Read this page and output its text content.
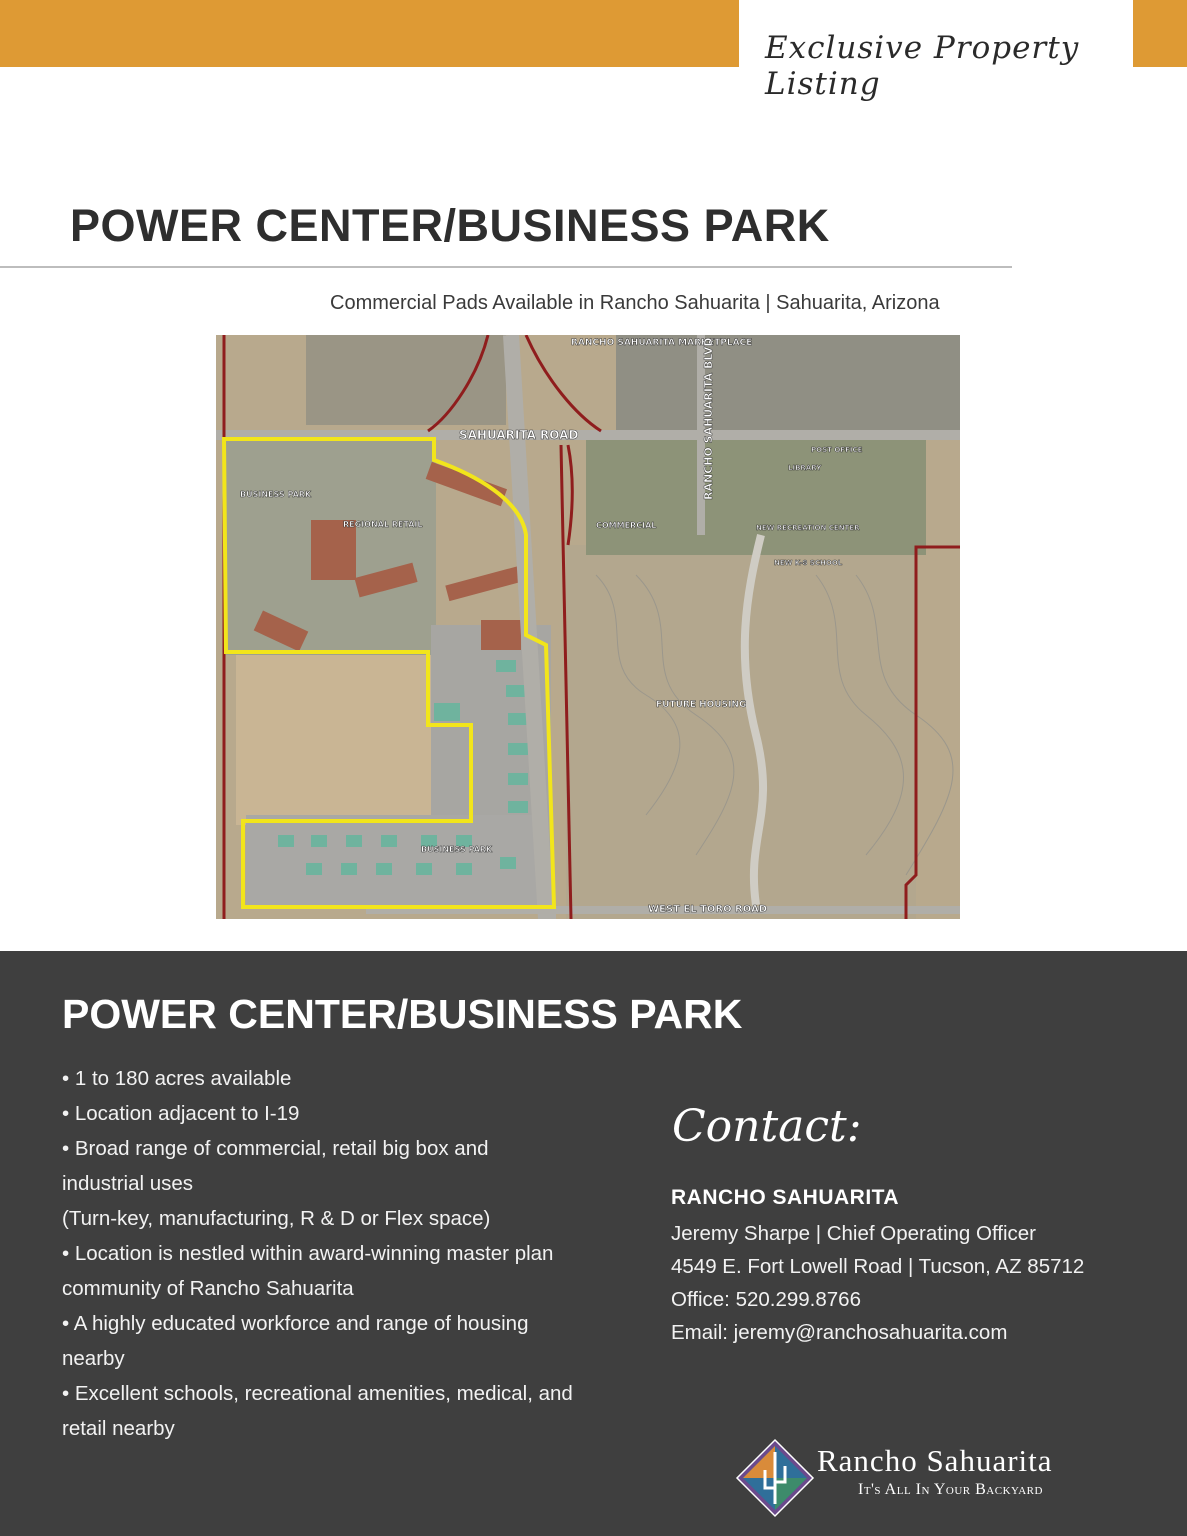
Exclusive Property Listing
POWER CENTER/BUSINESS PARK
Commercial Pads Available in Rancho Sahuarita | Sahuarita, Arizona
RANCHO SAHUARITA MARKETPLACE
SAHUARITA ROAD	RANCHO SAHUARITA BLVD
BUSINESS PARK
REGIONAL RETAIL	COMMERCIAL
POST OFFICE
LIBRARY
NEW RECREATION CENTER
NEW K-8 SCHOOL
FUTURE HOUSING
BUSINESS PARK
WEST EL TORO ROAD
POWER CENTER/BUSINESS PARK
• 1 to 180 acres available
• Location adjacent to I-19
• Broad range of commercial, retail big box and
industrial uses
(Turn-key, manufacturing, R & D or Flex space)
• Location is nestled within award-winning master plan
community of Rancho Sahuarita
• A highly educated workforce and range of housing
nearby
• Excellent schools, recreational amenities, medical, and
retail nearby
Contact:
RANCHO SAHUARITA
Jeremy Sharpe | Chief Operating Officer
4549 E. Fort Lowell Road | Tucson, AZ 85712
Office: 520.299.8766
Email: jeremy@ranchosahuarita.com
Rancho Sahuarita
It's All In Your Backyard
